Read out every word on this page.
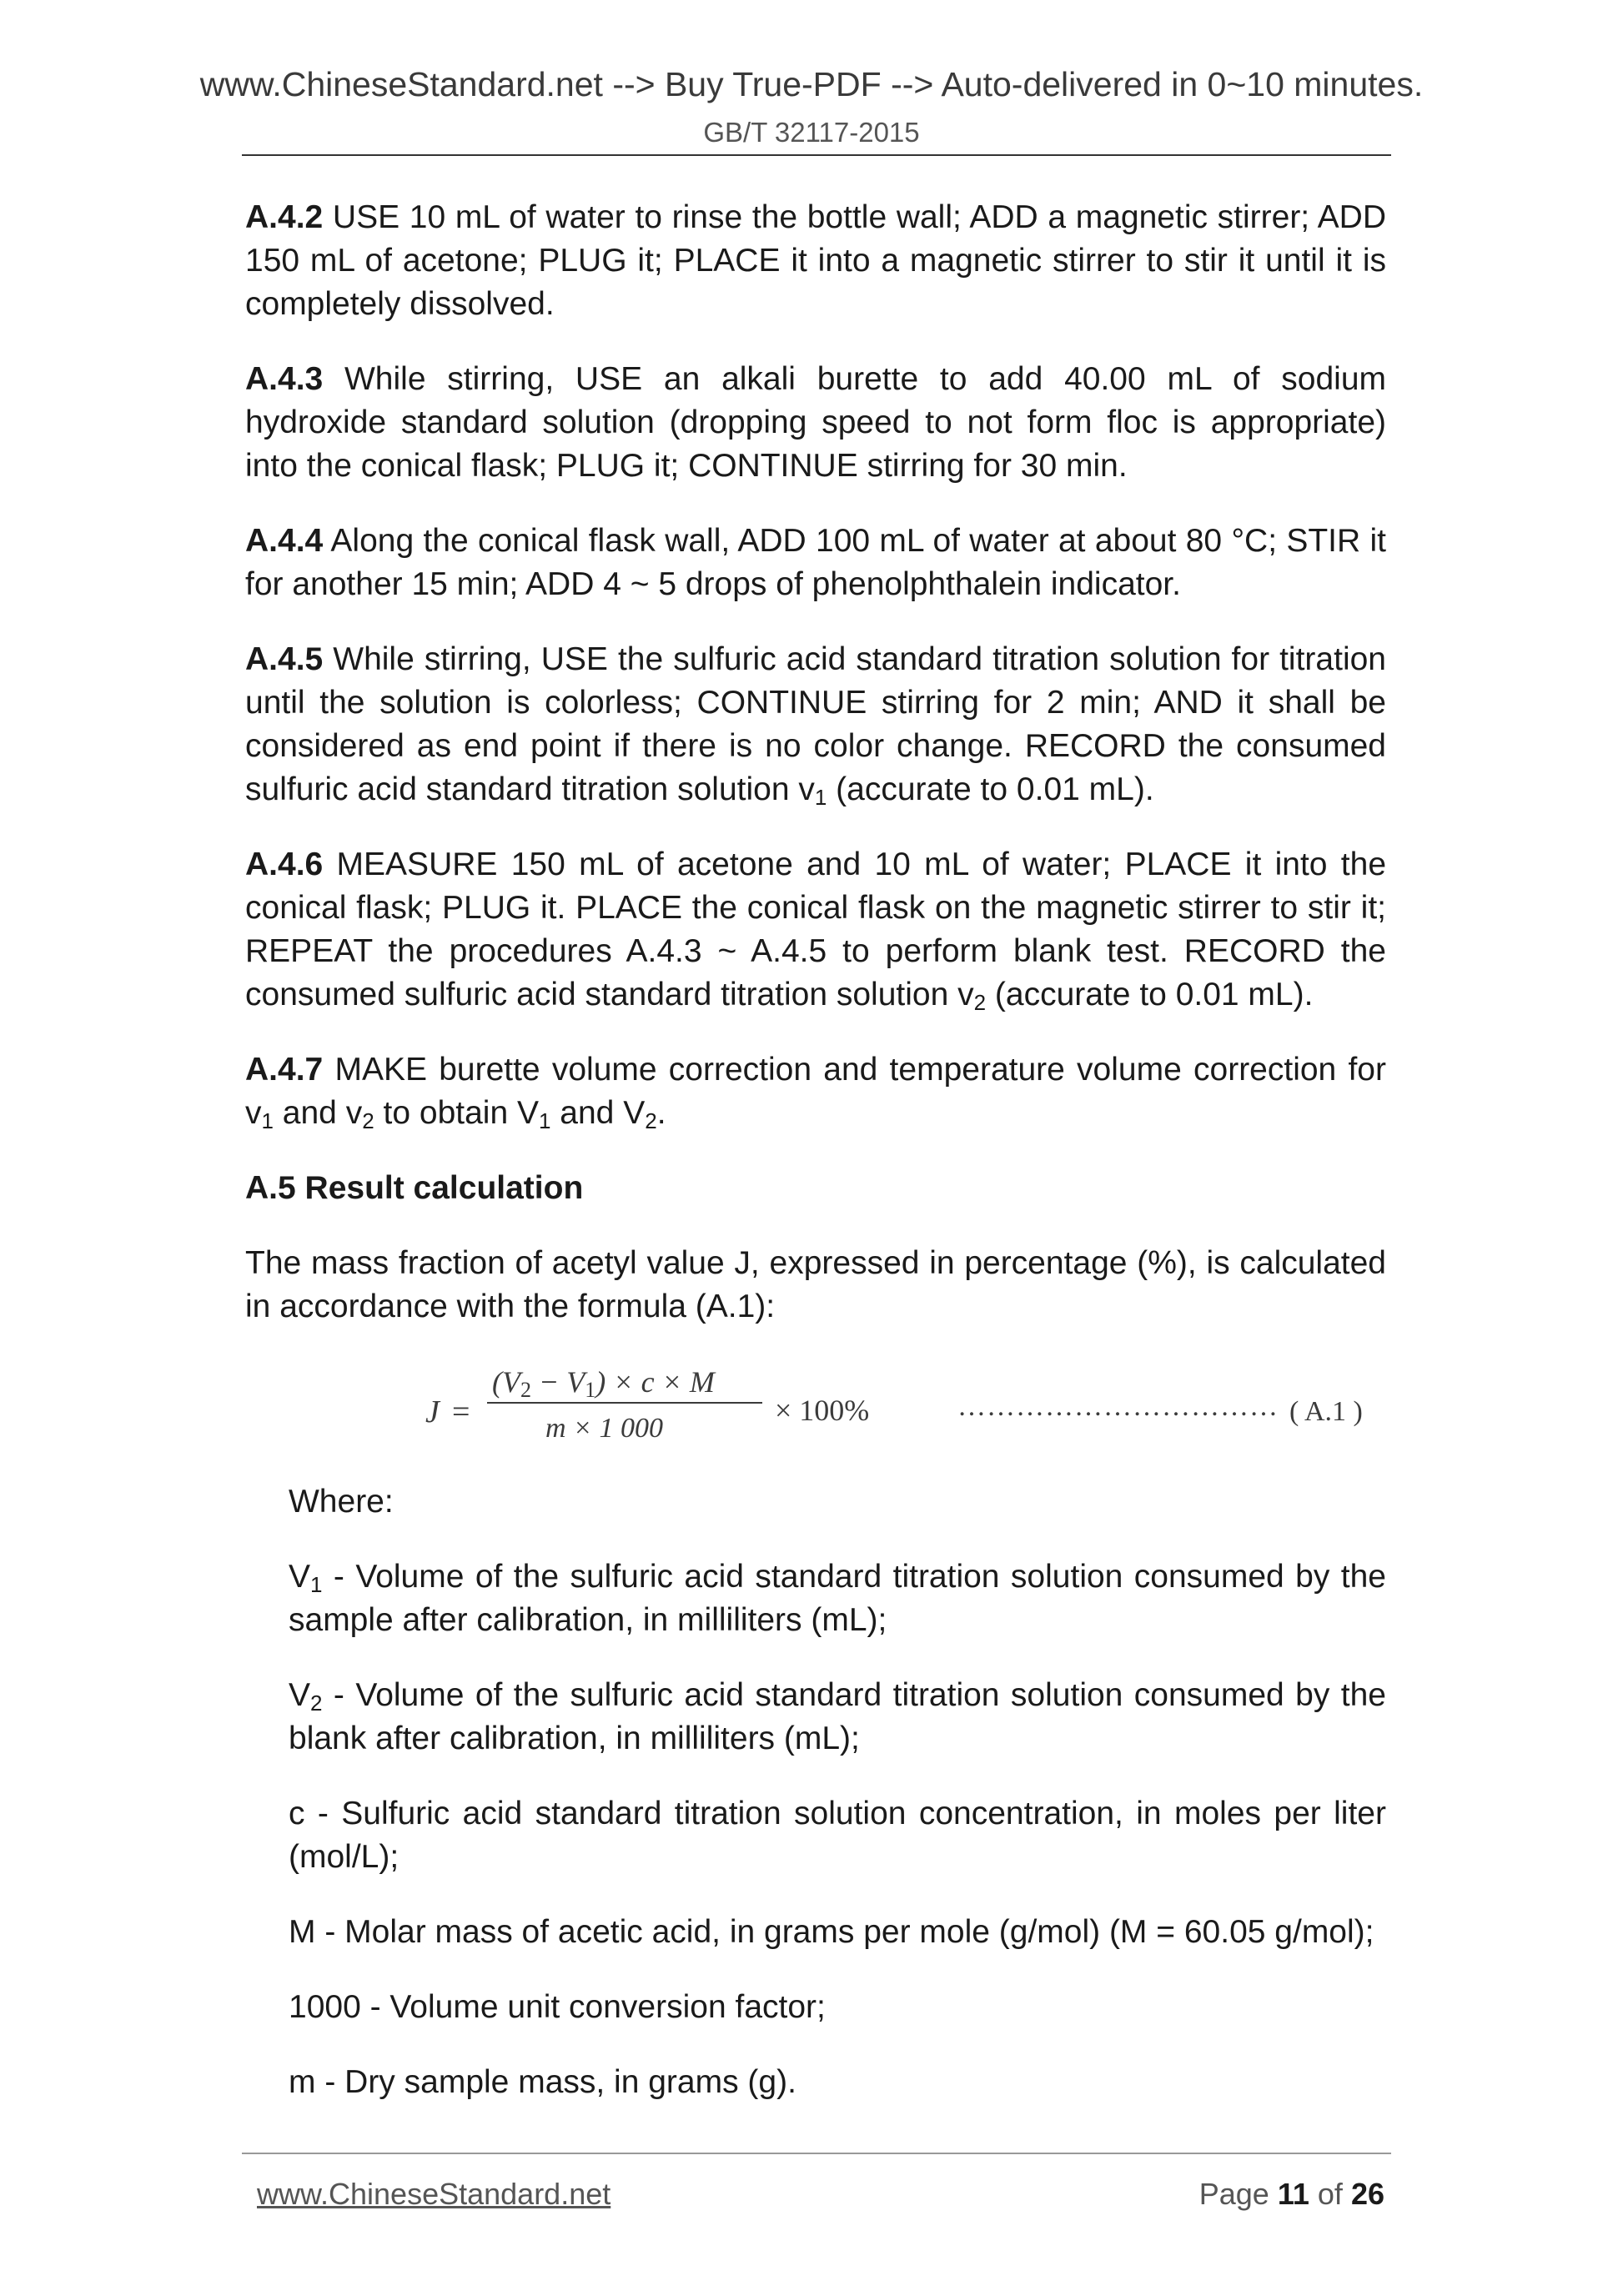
www.ChineseStandard.net --> Buy True-PDF --> Auto-delivered in 0~10 minutes.
GB/T 32117-2015

A.4.2 USE 10 mL of water to rinse the bottle wall; ADD a magnetic stirrer; ADD 150 mL of acetone; PLUG it; PLACE it into a magnetic stirrer to stir it until it is completely dissolved.

A.4.3 While stirring, USE an alkali burette to add 40.00 mL of sodium hydroxide standard solution (dropping speed to not form floc is appropriate) into the conical flask; PLUG it; CONTINUE stirring for 30 min.

A.4.4 Along the conical flask wall, ADD 100 mL of water at about 80 °C; STIR it for another 15 min; ADD 4 ~ 5 drops of phenolphthalein indicator.

A.4.5 While stirring, USE the sulfuric acid standard titration solution for titration until the solution is colorless; CONTINUE stirring for 2 min; AND it shall be considered as end point if there is no color change. RECORD the consumed sulfuric acid standard titration solution $v_1$ (accurate to 0.01 mL).

A.4.6 MEASURE 150 mL of acetone and 10 mL of water; PLACE it into the conical flask; PLUG it. PLACE the conical flask on the magnetic stirrer to stir it; REPEAT the procedures A.4.3 ~ A.4.5 to perform blank test. RECORD the consumed sulfuric acid standard titration solution $v_2$ (accurate to 0.01 mL).

A.4.7 MAKE burette volume correction and temperature volume correction for $v_1$ and $v_2$ to obtain $V_1$ and $V_2$.

A.5 Result calculation

The mass fraction of acetyl value J, expressed in percentage (%), is calculated in accordance with the formula (A.1):

J =
$(V_2 - V_1) \times c \times M$
m × 1 000
× 100%	…………………………… ( A.1 )

Where:

$V_1$ - Volume of the sulfuric acid standard titration solution consumed by the sample after calibration, in milliliters (mL);

$V_2$ - Volume of the sulfuric acid standard titration solution consumed by the blank after calibration, in milliliters (mL);

c - Sulfuric acid standard titration solution concentration, in moles per liter (mol/L);

M - Molar mass of acetic acid, in grams per mole (g/mol) (M = 60.05 g/mol);

1000 - Volume unit conversion factor;

m - Dry sample mass, in grams (g).

www.ChineseStandard.net	Page 11 of 26
